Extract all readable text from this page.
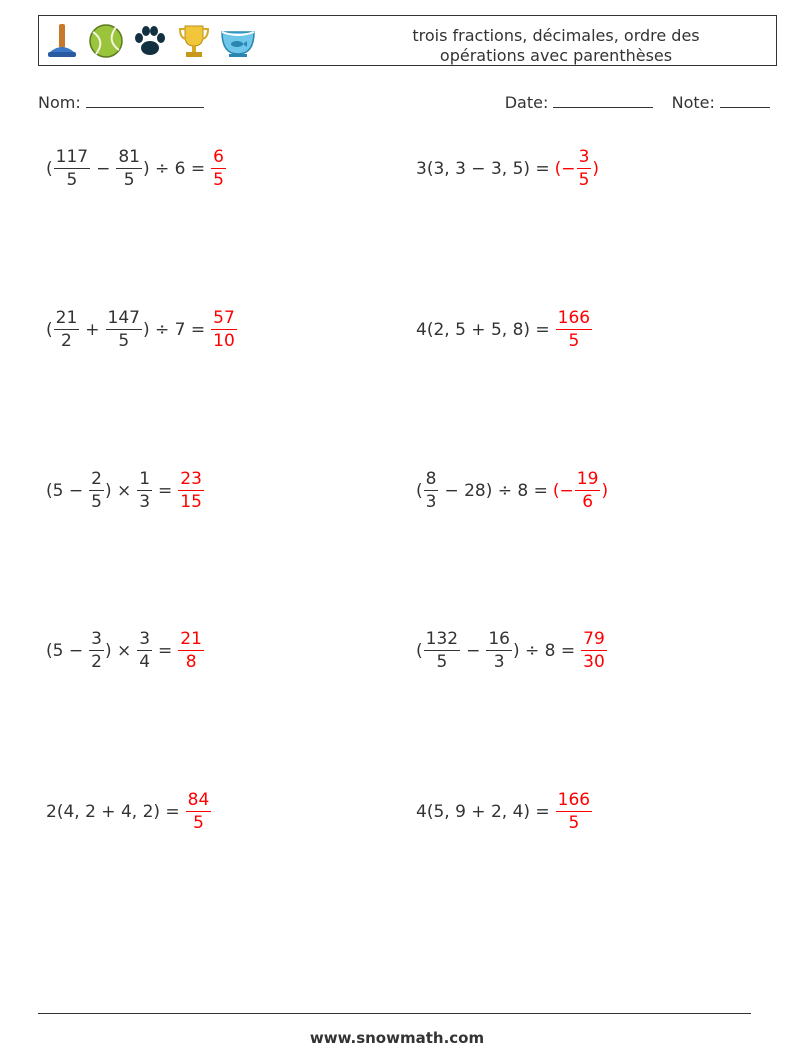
trois fractions, décimales, ordre des
opérations avec parenthèses
Nom:	Date:	Note:
( $\frac{117}{5} - \frac{81}{5}$ ) ÷ $6 = \frac{6}{5}$	3(3, 3 − 3, 5) = (− $\frac{3}{5}$ )
( $\frac{21}{2} + \frac{147}{5}$ ) ÷ $7 = \frac{57}{10}$	4(2, 5 + 5, $8) = \frac{166}{5}$
($5 - \frac{2}{5}$ ) × $\frac{1}{3} = \frac{23}{15}$	( $\frac{8}{3} - 28) \div 8$ = (− $\frac{19}{6}$ )
($5 - \frac{3}{2}$ ) × $\frac{3}{4} = \frac{21}{8}$	( $\frac{132}{5} - \frac{16}{3}$ ) ÷ $8 = \frac{79}{30}$
2(4, 2 + 4, $2) = \frac{84}{5}$	4(5, 9 + 2, $4) = \frac{166}{5}$
www.snowmath.com
